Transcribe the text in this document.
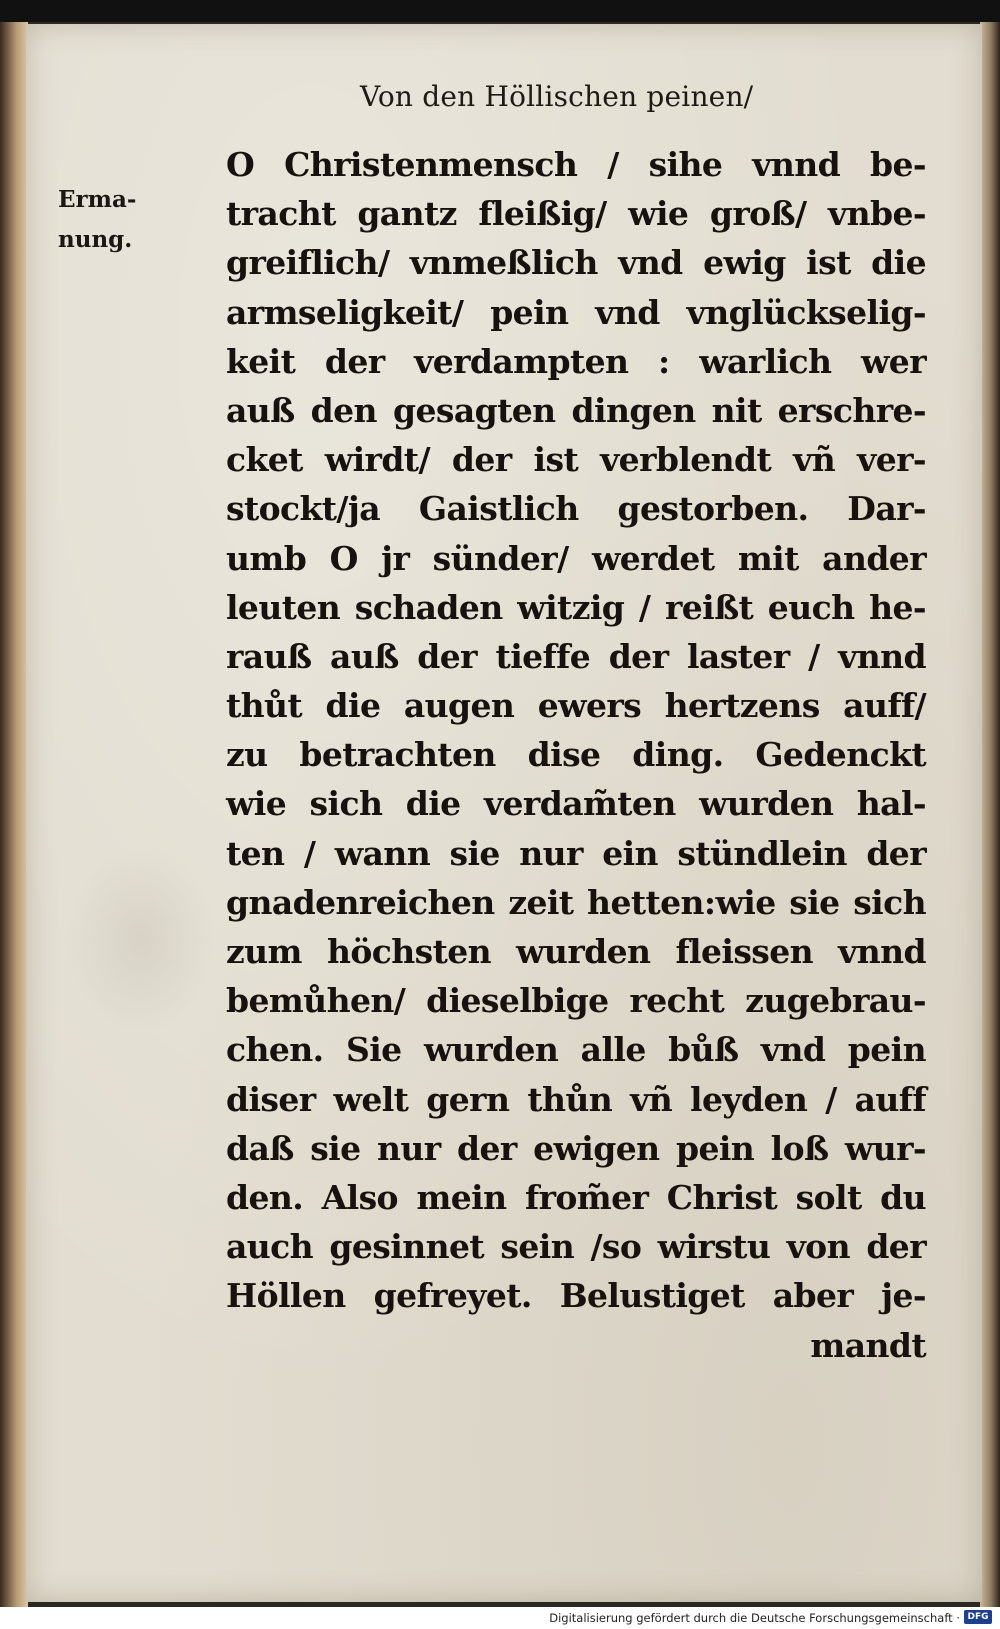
Von den Höllischen peinen/

Erma-
nung.

O Christenmensch / sihe vnnd be-
tracht gantz fleißig/ wie groß/ vnbe-
greiflich/ vnmeßlich vnd ewig ist die
armseligkeit/ pein vnd vnglückselig-
keit der verdampten : warlich wer
auß den gesagten dingen nit erschre-
cket wirdt/ der ist verblendt vñ ver-
stockt/ja Gaistlich gestorben. Dar-
umb O jr sünder/ werdet mit ander
leuten schaden witzig / reißt euch he-
rauß auß der tieffe der laster / vnnd
thůt die augen ewers hertzens auff/
zu betrachten dise ding. Gedenckt
wie sich die verdam̃ten wurden hal-
ten / wann sie nur ein stündlein der
gnadenreichen zeit hetten:wie sie sich
zum höchsten wurden fleissen vnnd
bemůhen/ dieselbige recht zugebrau-
chen. Sie wurden alle bůß vnd pein
diser welt gern thůn vñ leyden / auff
daß sie nur der ewigen pein loß wur-
den. Also mein from̃er Christ solt du
auch gesinnet sein /so wirstu von der
Höllen gefreyet. Belustiget aber je-
mandt

Digitalisierung gefördert durch die Deutsche Forschungsgemeinschaft · DFG
